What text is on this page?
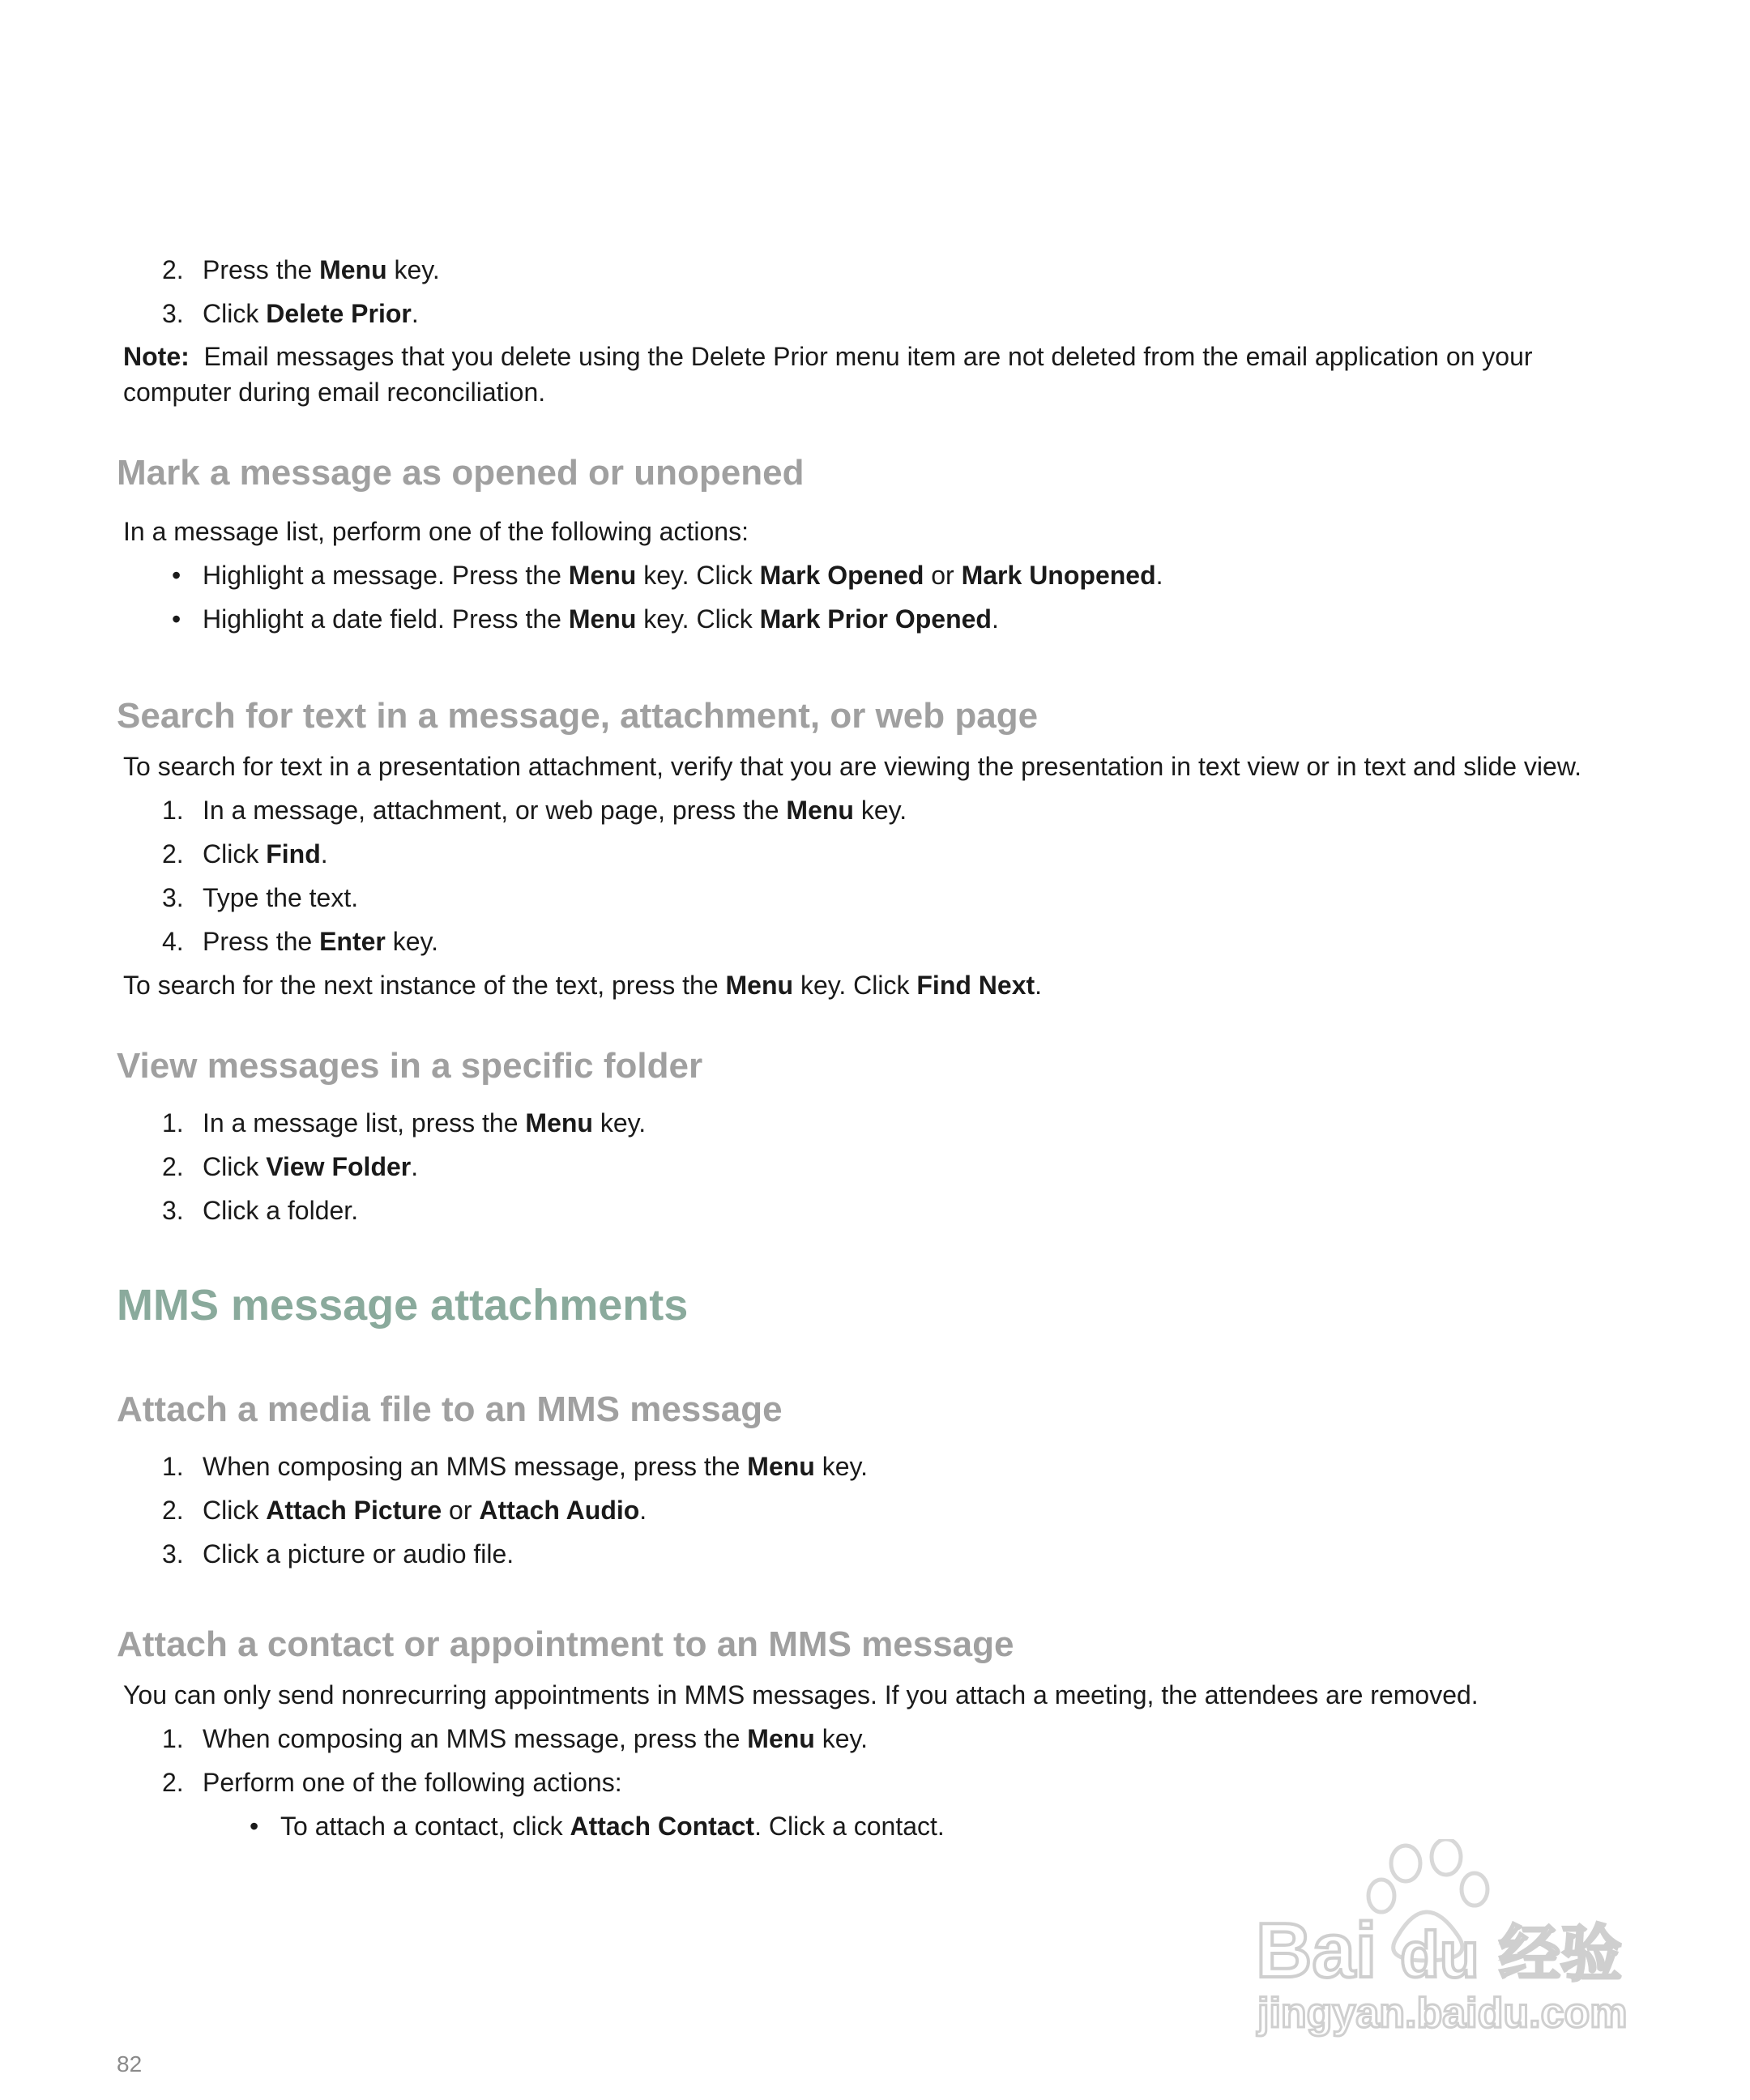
2. Press the Menu key.
3. Click Delete Prior.
Note: Email messages that you delete using the Delete Prior menu item are not deleted from the email application on your computer during email reconciliation.
Mark a message as opened or unopened
In a message list, perform one of the following actions:
• Highlight a message. Press the Menu key. Click Mark Opened or Mark Unopened.
• Highlight a date field. Press the Menu key. Click Mark Prior Opened.
Search for text in a message, attachment, or web page
To search for text in a presentation attachment, verify that you are viewing the presentation in text view or in text and slide view.
1. In a message, attachment, or web page, press the Menu key.
2. Click Find.
3. Type the text.
4. Press the Enter key.
To search for the next instance of the text, press the Menu key. Click Find Next.
View messages in a specific folder
1. In a message list, press the Menu key.
2. Click View Folder.
3. Click a folder.
MMS message attachments
Attach a media file to an MMS message
1. When composing an MMS message, press the Menu key.
2. Click Attach Picture or Attach Audio.
3. Click a picture or audio file.
Attach a contact or appointment to an MMS message
You can only send nonrecurring appointments in MMS messages. If you attach a meeting, the attendees are removed.
1. When composing an MMS message, press the Menu key.
2. Perform one of the following actions:
• To attach a contact, click Attach Contact. Click a contact.
Bai du 经验
jingyan.baidu.com
82
